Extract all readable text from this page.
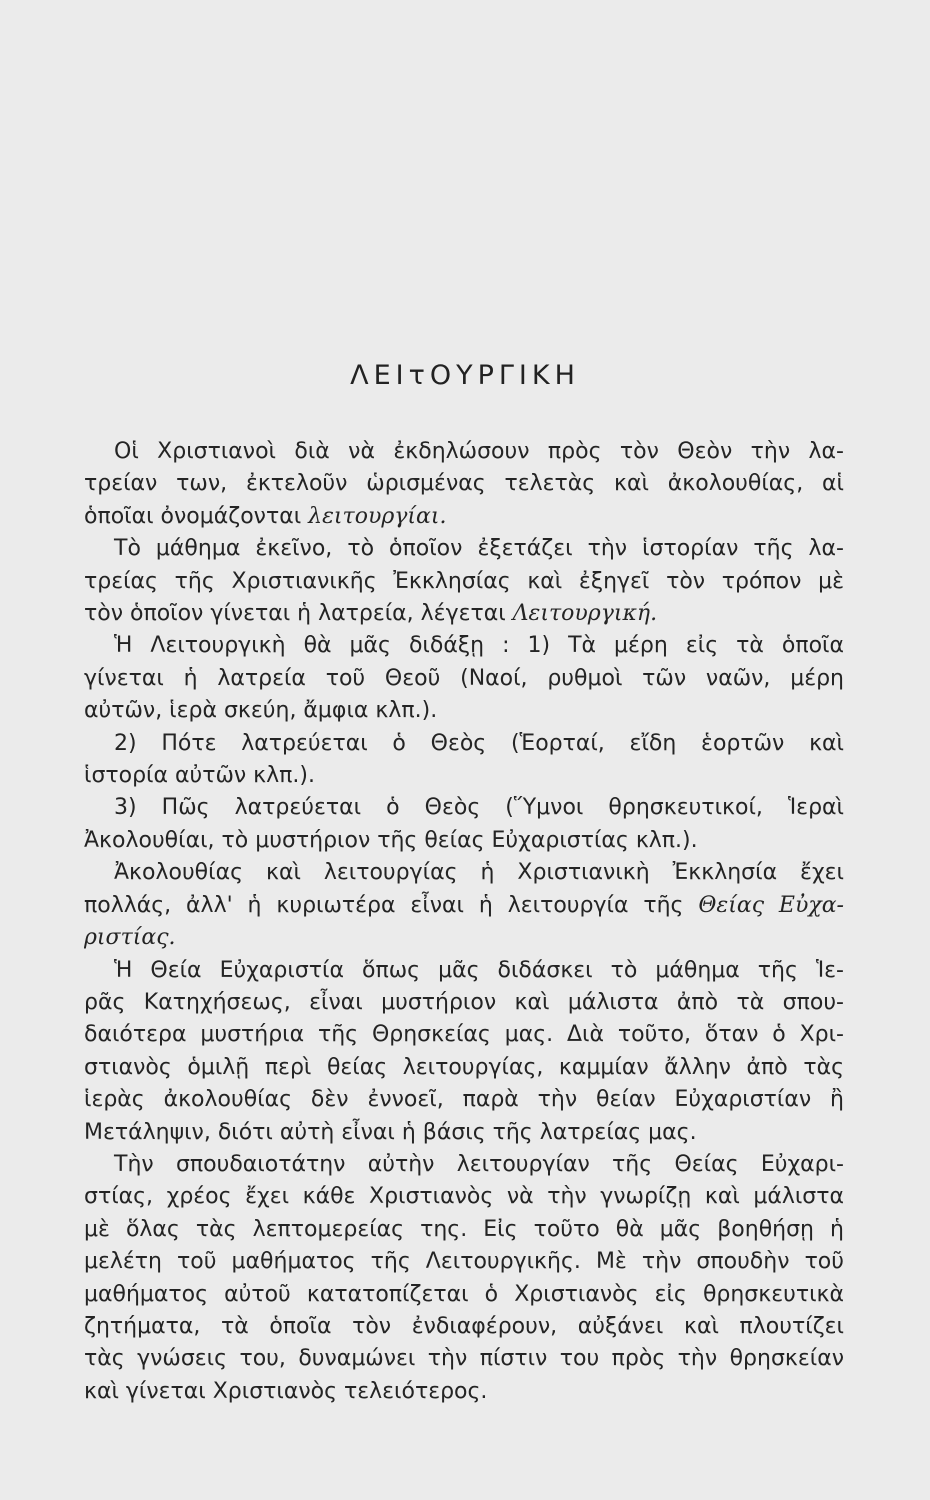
ΛΕΙτΟΥΡΓΙΚΗ
Οἱ Χριστιανοὶ διὰ νὰ ἐκδηλώσουν πρὸς τὸν Θεὸν τὴν λα-
τρείαν των, ἐκτελοῦν ὡρισμένας τελετὰς καὶ ἀκολουθίας, αἱ
ὁποῖαι ὀνομάζονται λειτουργίαι.
Τὸ μάθημα ἐκεῖνο, τὸ ὁποῖον ἐξετάζει τὴν ἱστορίαν τῆς λα-
τρείας τῆς Χριστιανικῆς Ἐκκλησίας καὶ ἐξηγεῖ τὸν τρόπον μὲ
τὸν ὁποῖον γίνεται ἡ λατρεία, λέγεται Λειτουργική.
Ἡ Λειτουργικὴ θὰ μᾶς διδάξῃ : 1) Τὰ μέρη εἰς τὰ ὁποῖα
γίνεται ἡ λατρεία τοῦ Θεοῦ (Ναοί, ρυθμοὶ τῶν ναῶν, μέρη
αὐτῶν, ἱερὰ σκεύη, ἄμφια κλπ.).
2) Πότε λατρεύεται ὁ Θεὸς (Ἑορταί, εἴδη ἑορτῶν καὶ
ἱστορία αὐτῶν κλπ.).
3) Πῶς λατρεύεται ὁ Θεὸς (Ὕμνοι θρησκευτικοί, Ἱεραὶ
Ἀκολουθίαι, τὸ μυστήριον τῆς θείας Εὐχαριστίας κλπ.).
Ἀκολουθίας καὶ λειτουργίας ἡ Χριστιανικὴ Ἐκκλησία ἔχει
πολλάς, ἀλλ' ἡ κυριωτέρα εἶναι ἡ λειτουργία τῆς Θείας Εὐχα-
ριστίας.
Ἡ Θεία Εὐχαριστία ὅπως μᾶς διδάσκει τὸ μάθημα τῆς Ἱε-
ρᾶς Κατηχήσεως, εἶναι μυστήριον καὶ μάλιστα ἀπὸ τὰ σπου-
δαιότερα μυστήρια τῆς Θρησκείας μας. Διὰ τοῦτο, ὅταν ὁ Χρι-
στιανὸς ὁμιλῇ περὶ θείας λειτουργίας, καμμίαν ἄλλην ἀπὸ τὰς
ἱερὰς ἀκολουθίας δὲν ἐννοεῖ, παρὰ τὴν θείαν Εὐχαριστίαν ἢ
Μετάληψιν, διότι αὐτὴ εἶναι ἡ βάσις τῆς λατρείας μας.
Τὴν σπουδαιοτάτην αὐτὴν λειτουργίαν τῆς Θείας Εὐχαρι-
στίας, χρέος ἔχει κάθε Χριστιανὸς νὰ τὴν γνωρίζῃ καὶ μάλιστα
μὲ ὅλας τὰς λεπτομερείας της. Εἰς τοῦτο θὰ μᾶς βοηθήσῃ ἡ
μελέτη τοῦ μαθήματος τῆς Λειτουργικῆς. Μὲ τὴν σπουδὴν τοῦ
μαθήματος αὐτοῦ κατατοπίζεται ὁ Χριστιανὸς εἰς θρησκευτικὰ
ζητήματα, τὰ ὁποῖα τὸν ἐνδιαφέρουν, αὐξάνει καὶ πλουτίζει
τὰς γνώσεις του, δυναμώνει τὴν πίστιν του πρὸς τὴν θρησκείαν
καὶ γίνεται Χριστιανὸς τελειότερος.
